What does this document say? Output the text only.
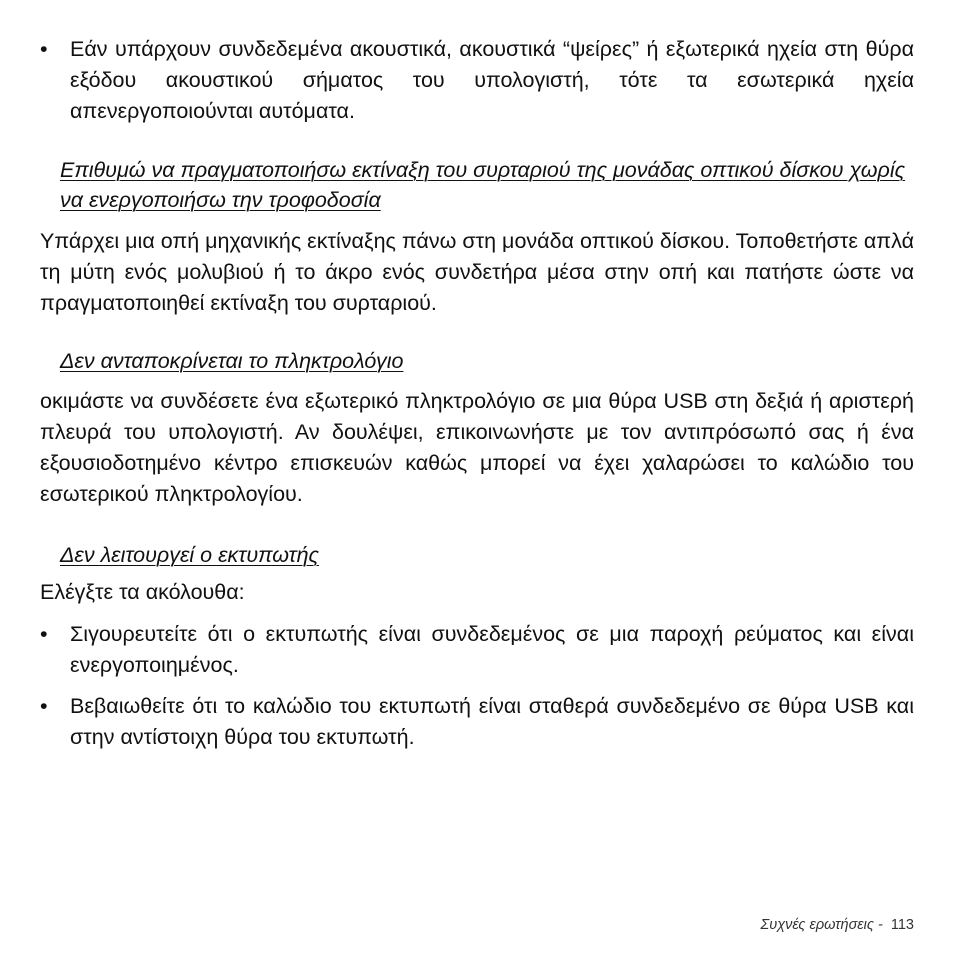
•	Εάν υπάρχουν συνδεδεμένα ακουστικά, ακουστικά “ψείρες” ή εξωτερικά ηχεία στη θύρα εξόδου ακουστικού σήματος του υπολογιστή, τότε τα εσωτερικά ηχεία απενεργοποιούνται αυτόματα.
Επιθυμώ να πραγματοποιήσω εκτίναξη του συρταριού της μονάδας οπτικού δίσκου χωρίς να ενεργοποιήσω την τροφοδοσία
Υπάρχει μια οπή μηχανικής εκτίναξης πάνω στη μονάδα οπτικού δίσκου. Τοποθετήστε απλά τη μύτη ενός μολυβιού ή το άκρο ενός συνδετήρα μέσα στην οπή και πατήστε ώστε να πραγματοποιηθεί εκτίναξη του συρταριού.
Δεν ανταποκρίνεται το πληκτρολόγιο
οκιμάστε να συνδέσετε ένα εξωτερικό πληκτρολόγιο σε μια θύρα USB στη δεξιά ή αριστερή πλευρά του υπολογιστή. Αν δουλέψει, επικοινωνήστε με τον αντιπρόσωπό σας ή ένα εξουσιοδοτημένο κέντρο επισκευών καθώς μπορεί να έχει χαλαρώσει το καλώδιο του εσωτερικού πληκτρολογίου.
Δεν λειτουργεί ο εκτυπωτής
Ελέγξτε τα ακόλουθα:
•	Σιγουρευτείτε ότι ο εκτυπωτής είναι συνδεδεμένος σε μια παροχή ρεύματος και είναι ενεργοποιημένος.
•	Βεβαιωθείτε ότι το καλώδιο του εκτυπωτή είναι σταθερά συνδεδεμένο σε θύρα USB και στην αντίστοιχη θύρα του εκτυπωτή.
Συχνές ερωτήσεις -  113
